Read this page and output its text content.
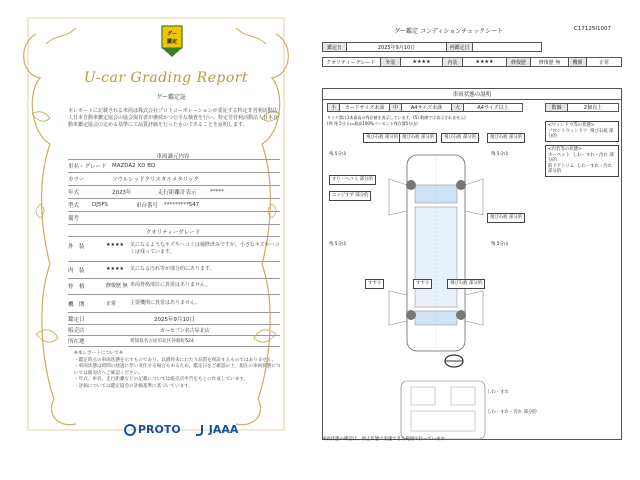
グー
鑑定
U-car Grading Report
グー鑑定証
本レポートに記載される車両は株式会社プロトコーポレーションが委託する特定非営利活動法人日本自動車鑑定協会の協会保有者が継続かつ公平な検査を行い、特定非営利活動法人日本自動車鑑定協会の定める基準にて品質評価を行ったものであることを証明します。
車両識元内容
車名・グレード MAZDA2 XD BD
カラー	ソウルレッドクリスタルメタリック
年式	2023年	走行距離計表示	*****
型式	DJ5FS	車台番号	*********547
備考
クオリティーグレード
外　装	★★★★	気になるようなキズやヘコミは補修済みですが、小さなキズやヘコミは残っています。
内　装	★★★★	気になる汚れ等が部分的にあります。
骨　格	修復歴 無 車両骨格部位に異常はありません。
機　関	正常	主要機関に異常はありません。
鑑定日	2025年9月10日
販売店	カーセブン名古屋北店
所在地	愛知県名古屋市北区谷鹿町524
※本レポートについて※
・鑑定時点の車両状態を示すものであり、以降将来にわたり品質を保証するものではありません。
・車両状態は時間の経過に伴い変化する場合もあるため、鑑定日をご確認の上、現在の車両状態については販売店へご確認ください。
・年式、車名、走行距離などの記載については販売店申告をもとに作成しています。
・評価については鑑定協会の評価基準に基づいています。
PROTO	JAAA
グー鑑定 コンディションチェックシート	C17125I1007
鑑定日	2025年9月10日	再鑑定日
クオリティーグレード	外装	★★★★	内装	★★★★	修復歴	修復歴 無	機関	正常
車両状態の説明
小	カードサイズ未満	中	A4サイズ未満	大	A4サイズ以上	数個	2個以上
タイヤ溝は1本最高の残存値を表示しています。(5) 数値では表示されません)
(例 残 5分 山=最高100%パーセント残存溝5分山)
飛び石痕 部分的 飛び石痕 部分的	飛び石痕 部分的	飛び石痕 部分的
残 5分山	残 5分山
すり・ヘコミ 部分的
エッジすず 部分的
飛び石痕 部分的
残 5分山	残 5分山
すず小	すず小	飛び石痕 部分的
<ウィンドウ等の状態>
フロントウィンドウ  飛び石痕 部分的
<内装等の状態>
カーペット  しわ・すれ・汚れ 部分的
前ドアトリム  しわ・すれ・汚れ 部分的
しわ・すれ
しわ・すれ・汚れ 部分的
車両状態の確認は、停止状態で実施できる範囲で行っています
